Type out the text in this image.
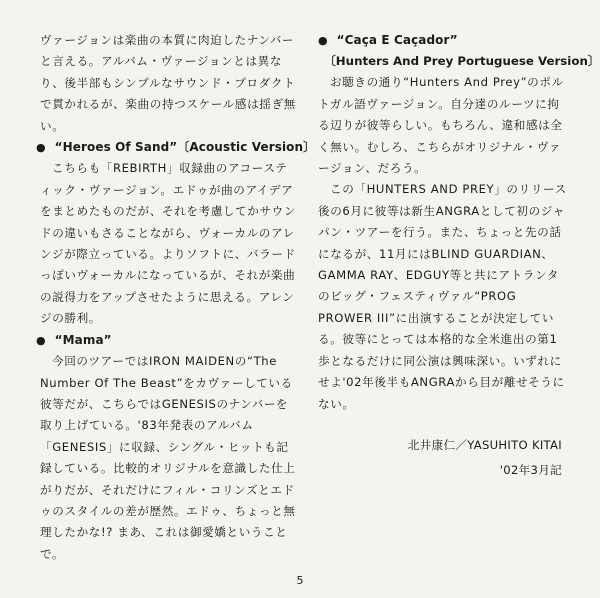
ヴァージョンは楽曲の本質に肉迫したナンバーと言える。アルバム・ヴァージョンとは異なり、後半部もシンプルなサウンド・プロダクトで貫かれるが、楽曲の持つスケール感は揺ぎ無い。

● “Heroes Of Sand”〔Acoustic Version〕

こちらも「REBIRTH」収録曲のアコースティック・ヴァージョン。エドゥが曲のアイデアをまとめたものだが、それを考慮してかサウンドの違いもさることながら、ヴォーカルのアレンジが際立っている。よりソフトに、バラードっぽいヴォーカルになっているが、それが楽曲の説得力をアップさせたように思える。アレンジの勝利。

● “Mama”

今回のツアーではIRON MAIDENの“The Number Of The Beast”をカヴァーしている彼等だが、こちらではGENESISのナンバーを取り上げている。'83年発表のアルバム「GENESIS」に収録、シングル・ヒットも記録している。比較的オリジナルを意識した仕上がりだが、それだけにフィル・コリンズとエドゥのスタイルの差が歴然。エドゥ、ちょっと無理したかな!? まあ、これは御愛嬌ということで。

● “Caça E Caçador”

〔Hunters And Prey Portuguese Version〕

お聴きの通り“Hunters And Prey”のポルトガル語ヴァージョン。自分達のルーツに拘る辺りが彼等らしい。もちろん、違和感は全く無い。むしろ、こちらがオリジナル・ヴァージョン、だろう。

この「HUNTERS AND PREY」のリリース後の6月に彼等は新生ANGRAとして初のジャパン・ツアーを行う。また、ちょっと先の話になるが、11月にはBLIND GUARDIAN、GAMMA RAY、EDGUY等と共にアトランタのビッグ・フェスティヴァル“PROG PROWER III”に出演することが決定している。彼等にとっては本格的な全米進出の第1歩となるだけに同公演は興味深い。いずれにせよ'02年後半もANGRAから目が離せそうにない。

北井康仁／YASUHITO KITAI

'02年3月記

5
